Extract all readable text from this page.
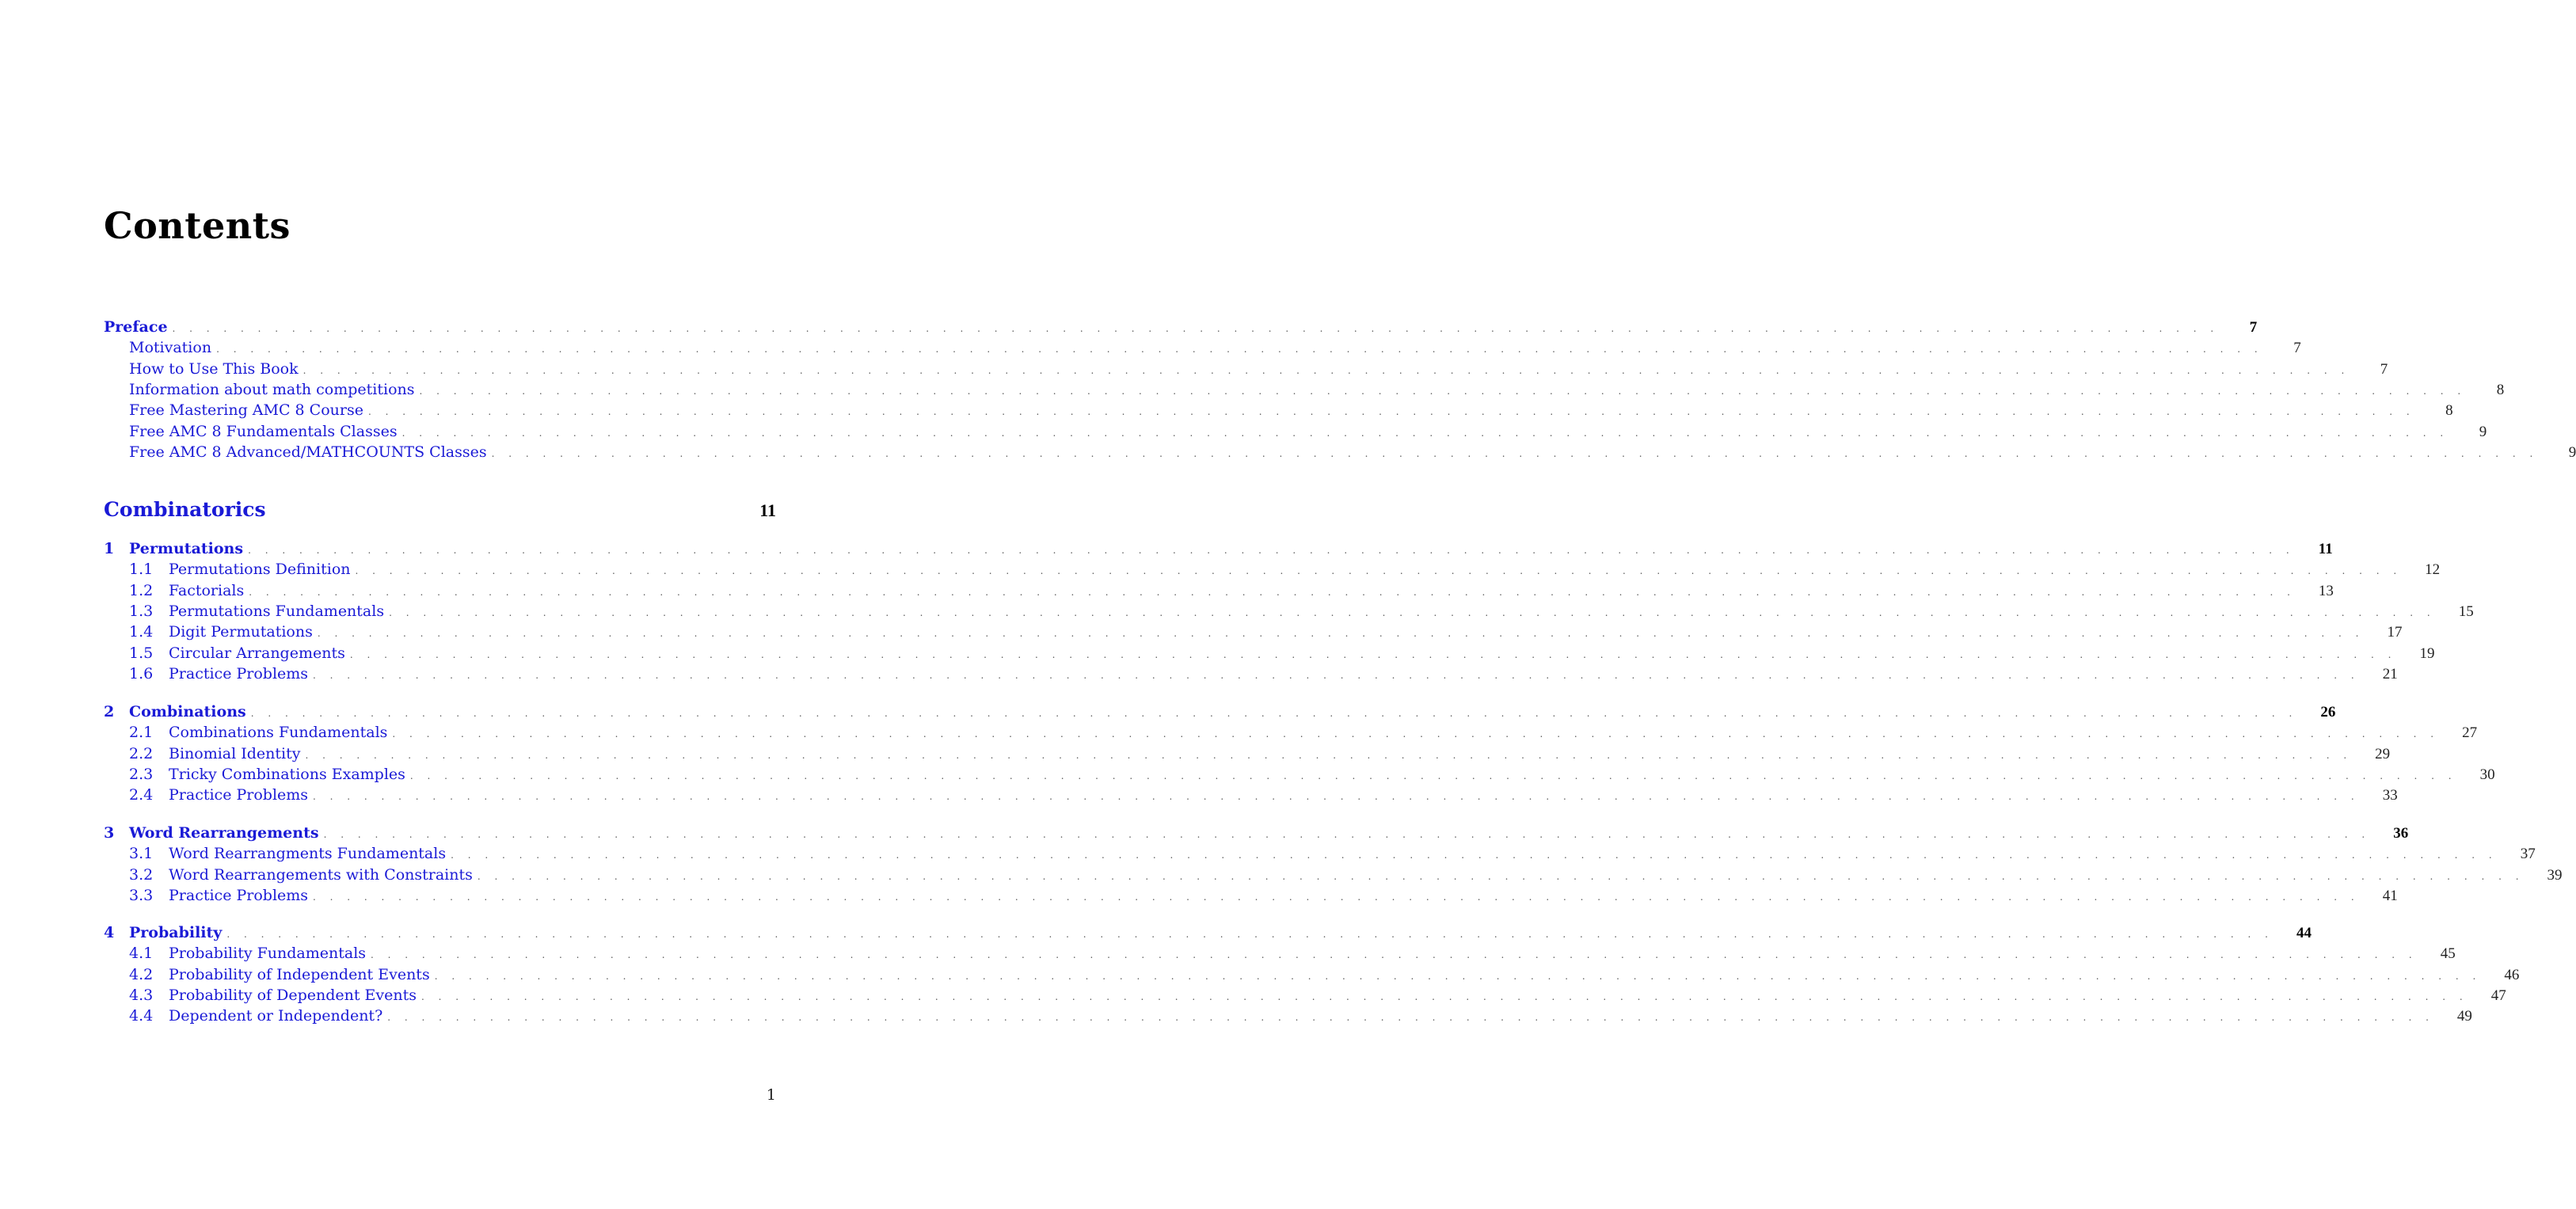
Contents
Preface . . . . . . . . . . . . . . . . . . . . . . . . . . . . . . . . . . . . . . . . . . . . . . . . . . . . . . . . . . . . . . . . . . . . . . . . . . . . . . . . . . . . . . . . . . . . . . . . . . . . . . . . . . . . . . . . . . . . . . . .	7
Motivation . . . . . . . . . . . . . . . . . . . . . . . . . . . . . . . . . . . . . . . . . . . . . . . . . . . . . . . . . . . . . . . . . . . . . . . . . . . . . . . . . . . . . . . . . . . . . . . . . . . . . . . . . . . . . . . . . . . . . . . .	7
How to Use This Book . . . . . . . . . . . . . . . . . . . . . . . . . . . . . . . . . . . . . . . . . . . . . . . . . . . . . . . . . . . . . . . . . . . . . . . . . . . . . . . . . . . . . . . . . . . . . . . . . . . . . . . . . . . . . . . . . . . . . . . .	7
Information about math competitions . . . . . . . . . . . . . . . . . . . . . . . . . . . . . . . . . . . . . . . . . . . . . . . . . . . . . . . . . . . . . . . . . . . . . . . . . . . . . . . . . . . . . . . . . . . . . . . . . . . . . . . . . . . . . . . . . . . . . . . .	8
Free Mastering AMC 8 Course . . . . . . . . . . . . . . . . . . . . . . . . . . . . . . . . . . . . . . . . . . . . . . . . . . . . . . . . . . . . . . . . . . . . . . . . . . . . . . . . . . . . . . . . . . . . . . . . . . . . . . . . . . . . . . . . . . . . . . . .	8
Free AMC 8 Fundamentals Classes . . . . . . . . . . . . . . . . . . . . . . . . . . . . . . . . . . . . . . . . . . . . . . . . . . . . . . . . . . . . . . . . . . . . . . . . . . . . . . . . . . . . . . . . . . . . . . . . . . . . . . . . . . . . . . . . . . . . . . . .	9
Free AMC 8 Advanced/MATHCOUNTS Classes . . . . . . . . . . . . . . . . . . . . . . . . . . . . . . . . . . . . . . . . . . . . . . . . . . . . . . . . . . . . . . . . . . . . . . . . . . . . . . . . . . . . . . . . . . . . . . . . . . . . . . . . . . . . . . . . . . . . . . . .	9
Combinatorics	11
1 Permutations . . . . . . . . . . . . . . . . . . . . . . . . . . . . . . . . . . . . . . . . . . . . . . . . . . . . . . . . . . . . . . . . . . . . . . . . . . . . . . . . . . . . . . . . . . . . . . . . . . . . . . . . . . . . . . . . . . . . . . . .	11
1.1	Permutations Definition . . . . . . . . . . . . . . . . . . . . . . . . . . . . . . . . . . . . . . . . . . . . . . . . . . . . . . . . . . . . . . . . . . . . . . . . . . . . . . . . . . . . . . . . . . . . . . . . . . . . . . . . . . . . . . . . . . . . . . . .	12
1.2	Factorials . . . . . . . . . . . . . . . . . . . . . . . . . . . . . . . . . . . . . . . . . . . . . . . . . . . . . . . . . . . . . . . . . . . . . . . . . . . . . . . . . . . . . . . . . . . . . . . . . . . . . . . . . . . . . . . . . . . . . . . .	13
1.3	Permutations Fundamentals . . . . . . . . . . . . . . . . . . . . . . . . . . . . . . . . . . . . . . . . . . . . . . . . . . . . . . . . . . . . . . . . . . . . . . . . . . . . . . . . . . . . . . . . . . . . . . . . . . . . . . . . . . . . . . . . . . . . . . . .	15
1.4	Digit Permutations . . . . . . . . . . . . . . . . . . . . . . . . . . . . . . . . . . . . . . . . . . . . . . . . . . . . . . . . . . . . . . . . . . . . . . . . . . . . . . . . . . . . . . . . . . . . . . . . . . . . . . . . . . . . . . . . . . . . . . . .	17
1.5	Circular Arrangements . . . . . . . . . . . . . . . . . . . . . . . . . . . . . . . . . . . . . . . . . . . . . . . . . . . . . . . . . . . . . . . . . . . . . . . . . . . . . . . . . . . . . . . . . . . . . . . . . . . . . . . . . . . . . . . . . . . . . . . .	19
1.6	Practice Problems . . . . . . . . . . . . . . . . . . . . . . . . . . . . . . . . . . . . . . . . . . . . . . . . . . . . . . . . . . . . . . . . . . . . . . . . . . . . . . . . . . . . . . . . . . . . . . . . . . . . . . . . . . . . . . . . . . . . . . . .	21
2 Combinations . . . . . . . . . . . . . . . . . . . . . . . . . . . . . . . . . . . . . . . . . . . . . . . . . . . . . . . . . . . . . . . . . . . . . . . . . . . . . . . . . . . . . . . . . . . . . . . . . . . . . . . . . . . . . . . . . . . . . . . .	26
2.1	Combinations Fundamentals . . . . . . . . . . . . . . . . . . . . . . . . . . . . . . . . . . . . . . . . . . . . . . . . . . . . . . . . . . . . . . . . . . . . . . . . . . . . . . . . . . . . . . . . . . . . . . . . . . . . . . . . . . . . . . . . . . . . . . . .	27
2.2	Binomial Identity . . . . . . . . . . . . . . . . . . . . . . . . . . . . . . . . . . . . . . . . . . . . . . . . . . . . . . . . . . . . . . . . . . . . . . . . . . . . . . . . . . . . . . . . . . . . . . . . . . . . . . . . . . . . . . . . . . . . . . . .	29
2.3	Tricky Combinations Examples . . . . . . . . . . . . . . . . . . . . . . . . . . . . . . . . . . . . . . . . . . . . . . . . . . . . . . . . . . . . . . . . . . . . . . . . . . . . . . . . . . . . . . . . . . . . . . . . . . . . . . . . . . . . . . . . . . . . . . . .	30
2.4	Practice Problems . . . . . . . . . . . . . . . . . . . . . . . . . . . . . . . . . . . . . . . . . . . . . . . . . . . . . . . . . . . . . . . . . . . . . . . . . . . . . . . . . . . . . . . . . . . . . . . . . . . . . . . . . . . . . . . . . . . . . . . .	33
3 Word Rearrangements . . . . . . . . . . . . . . . . . . . . . . . . . . . . . . . . . . . . . . . . . . . . . . . . . . . . . . . . . . . . . . . . . . . . . . . . . . . . . . . . . . . . . . . . . . . . . . . . . . . . . . . . . . . . . . . . . . . . . . . .	36
3.1	Word Rearrangments Fundamentals . . . . . . . . . . . . . . . . . . . . . . . . . . . . . . . . . . . . . . . . . . . . . . . . . . . . . . . . . . . . . . . . . . . . . . . . . . . . . . . . . . . . . . . . . . . . . . . . . . . . . . . . . . . . . . . . . . . . . . . .	37
3.2	Word Rearrangements with Constraints . . . . . . . . . . . . . . . . . . . . . . . . . . . . . . . . . . . . . . . . . . . . . . . . . . . . . . . . . . . . . . . . . . . . . . . . . . . . . . . . . . . . . . . . . . . . . . . . . . . . . . . . . . . . . . . . . . . . . . . .	39
3.3	Practice Problems . . . . . . . . . . . . . . . . . . . . . . . . . . . . . . . . . . . . . . . . . . . . . . . . . . . . . . . . . . . . . . . . . . . . . . . . . . . . . . . . . . . . . . . . . . . . . . . . . . . . . . . . . . . . . . . . . . . . . . . .	41
4 Probability . . . . . . . . . . . . . . . . . . . . . . . . . . . . . . . . . . . . . . . . . . . . . . . . . . . . . . . . . . . . . . . . . . . . . . . . . . . . . . . . . . . . . . . . . . . . . . . . . . . . . . . . . . . . . . . . . . . . . . . .	44
4.1	Probability Fundamentals . . . . . . . . . . . . . . . . . . . . . . . . . . . . . . . . . . . . . . . . . . . . . . . . . . . . . . . . . . . . . . . . . . . . . . . . . . . . . . . . . . . . . . . . . . . . . . . . . . . . . . . . . . . . . . . . . . . . . . . .	45
4.2	Probability of Independent Events . . . . . . . . . . . . . . . . . . . . . . . . . . . . . . . . . . . . . . . . . . . . . . . . . . . . . . . . . . . . . . . . . . . . . . . . . . . . . . . . . . . . . . . . . . . . . . . . . . . . . . . . . . . . . . . . . . . . . . . .	46
4.3	Probability of Dependent Events . . . . . . . . . . . . . . . . . . . . . . . . . . . . . . . . . . . . . . . . . . . . . . . . . . . . . . . . . . . . . . . . . . . . . . . . . . . . . . . . . . . . . . . . . . . . . . . . . . . . . . . . . . . . . . . . . . . . . . . .	47
4.4	Dependent or Independent? . . . . . . . . . . . . . . . . . . . . . . . . . . . . . . . . . . . . . . . . . . . . . . . . . . . . . . . . . . . . . . . . . . . . . . . . . . . . . . . . . . . . . . . . . . . . . . . . . . . . . . . . . . . . . . . . . . . . . . . .	49
1
